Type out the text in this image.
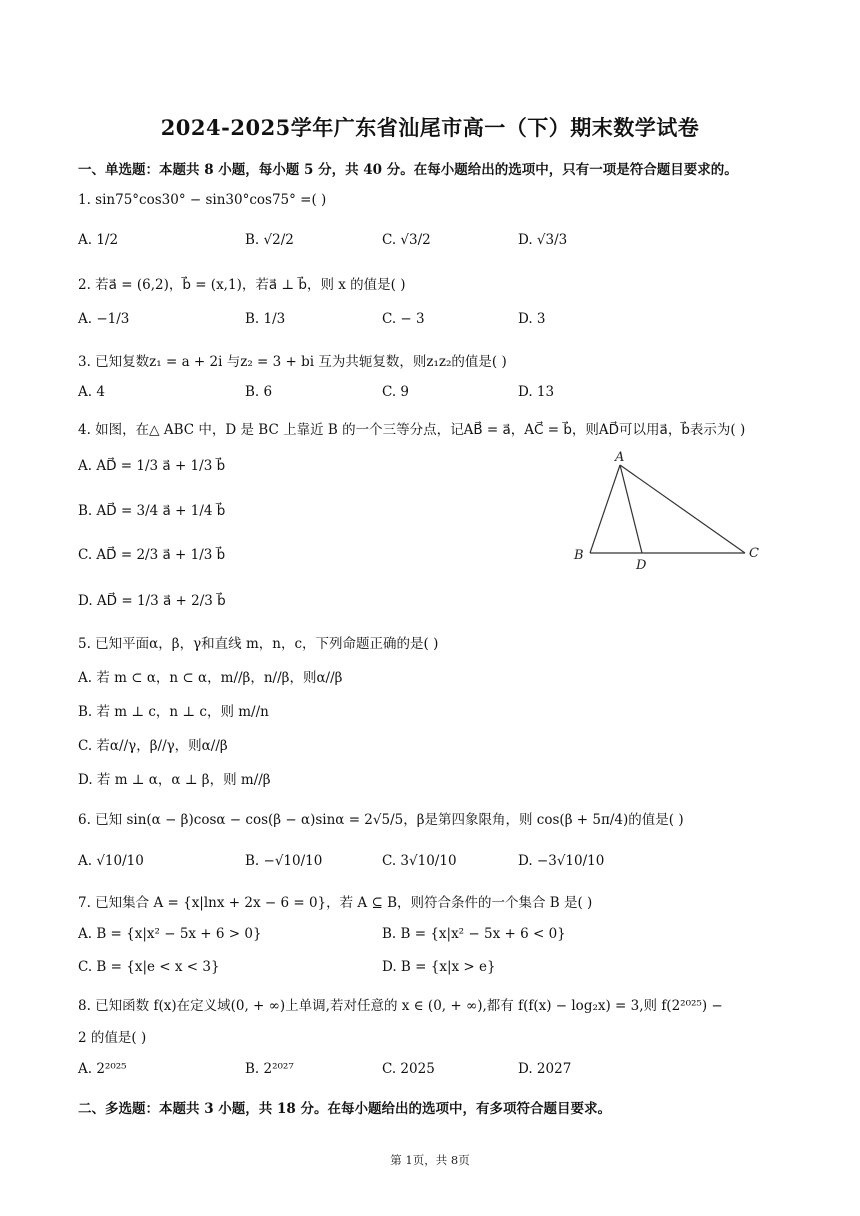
2024-2025学年广东省汕尾市高一（下）期末数学试卷
一、单选题：本题共 8 小题，每小题 5 分，共 40 分。在每小题给出的选项中，只有一项是符合题目要求的。
1. sin75°cos30° − sin30°cos75° =( )
A. 1/2	B. √2/2	C. √3/2	D. √3/3
2. 若a⃗ = (6,2)，b⃗ = (x,1)，若a⃗ ⊥ b⃗，则 x 的值是( )
A. −1/3	B. 1/3	C. − 3	D. 3
3. 已知复数z₁ = a + 2i 与z₂ = 3 + bi 互为共轭复数，则z₁z₂的值是( )
A. 4	B. 6	C. 9	D. 13
4. 如图，在△ ABC 中，D 是 BC 上靠近 B 的一个三等分点，记AB⃗ = a⃗，AC⃗ = b⃗，则AD⃗可以用a⃗，b⃗表示为( )
A. AD⃗ = 1/3 a⃗ + 1/3 b⃗
B. AD⃗ = 3/4 a⃗ + 1/4 b⃗
C. AD⃗ = 2/3 a⃗ + 1/3 b⃗
D. AD⃗ = 1/3 a⃗ + 2/3 b⃗
A
B	C
D
5. 已知平面α，β，γ和直线 m，n，c，下列命题正确的是( )
A. 若 m ⊂ α，n ⊂ α，m//β，n//β，则α//β
B. 若 m ⊥ c，n ⊥ c，则 m//n
C. 若α//γ，β//γ，则α//β
D. 若 m ⊥ α，α ⊥ β，则 m//β
6. 已知 sin(α − β)cosα − cos(β − α)sinα = 2√5/5，β是第四象限角，则 cos(β + 5π/4)的值是( )
A. √10/10	B. −√10/10	C. 3√10/10	D. −3√10/10
7. 已知集合 A = {x|lnx + 2x − 6 = 0}，若 A ⊆ B，则符合条件的一个集合 B 是( )
A. B = {x|x² − 5x + 6 > 0}	B. B = {x|x² − 5x + 6 < 0}
C. B = {x|e < x < 3}	D. B = {x|x > e}
8. 已知函数 f(x)在定义域(0, + ∞)上单调,若对任意的 x ∈ (0, + ∞),都有 f(f(x) − log₂x) = 3,则 f(2²⁰²⁵) −
2 的值是( )
A. 2²⁰²⁵	B. 2²⁰²⁷	C. 2025	D. 2027
二、多选题：本题共 3 小题，共 18 分。在每小题给出的选项中，有多项符合题目要求。
第 1页，共 8页
